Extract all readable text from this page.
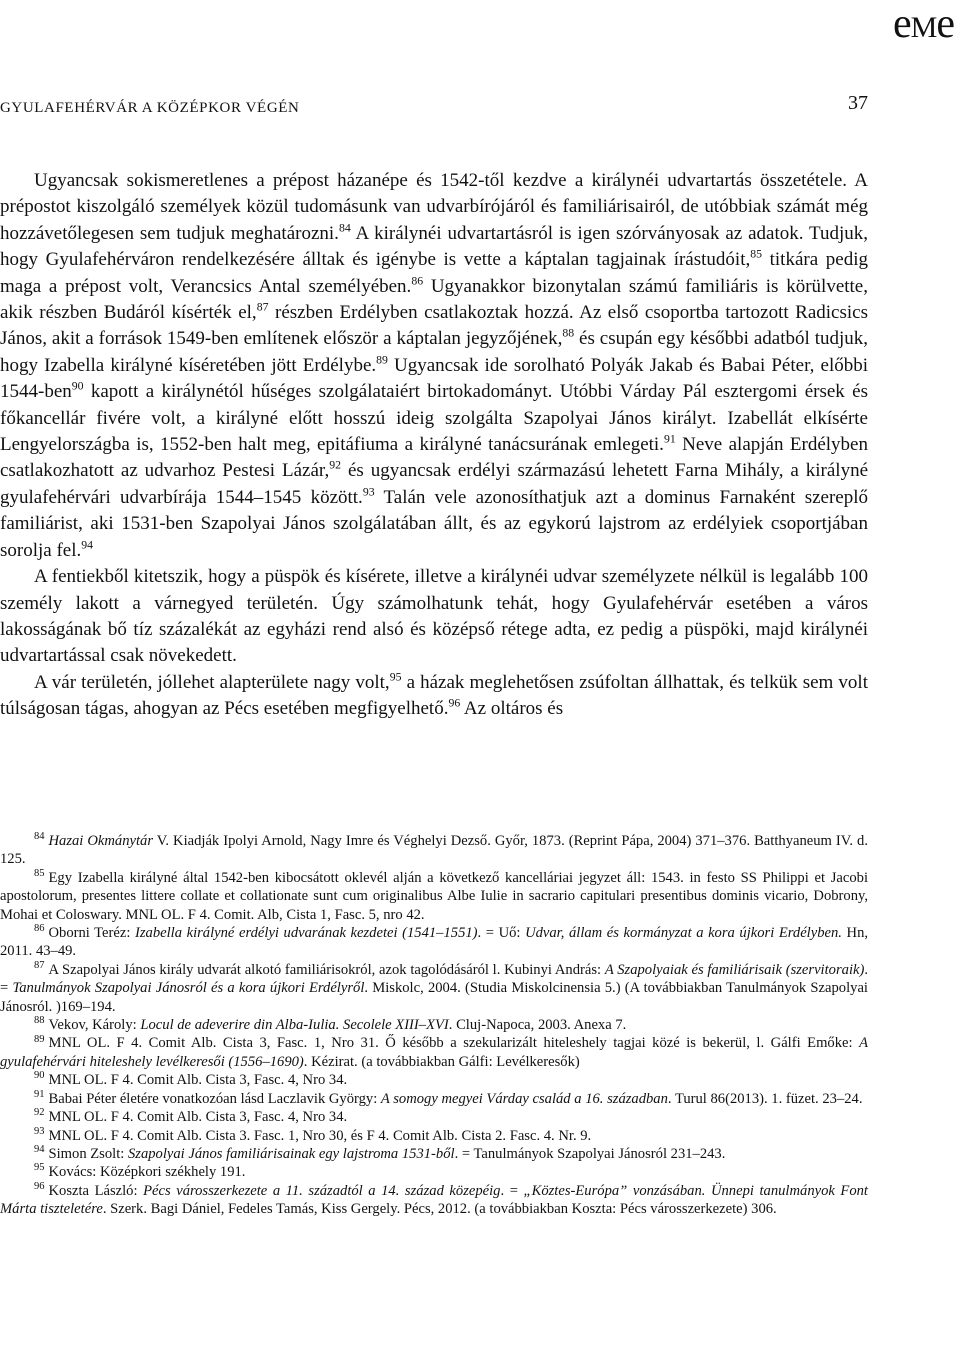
eMe
GYULAFEHÉRVÁR A KÖZÉPKOR VÉGÉN	37

Ugyancsak sokismeretlenes a prépost házanépe és 1542-től kezdve a királynéi udvartartás összetétele. A prépostot kiszolgáló személyek közül tudomásunk van udvarbírójáról és familiárisairól, de utóbbiak számát még hozzávetőlegesen sem tudjuk meghatározni.$^{84}$ A királynéi udvartartásról is igen szórványosak az adatok. Tudjuk, hogy Gyulafehérváron rendelkezésére álltak és igénybe is vette a káptalan tagjainak írástudóit,$^{85}$ titkára pedig maga a prépost volt, Verancsics Antal személyében.$^{86}$ Ugyanakkor bizonytalan számú familiáris is körülvette, akik részben Budáról kísérték el,$^{87}$ részben Erdélyben csatlakoztak hozzá. Az első csoportba tartozott Radicsics János, akit a források 1549-ben említenek először a káptalan jegyzőjének,$^{88}$ és csupán egy későbbi adatból tudjuk, hogy Izabella királyné kíséretében jött Erdélybe.$^{89}$ Ugyancsak ide sorolható Polyák Jakab és Babai Péter, előbbi 1544-ben$^{90}$ kapott a királynétól hűséges szolgálataiért birtokadományt. Utóbbi Várday Pál esztergomi érsek és főkancellár fivére volt, a királyné előtt hosszú ideig szolgálta Szapolyai János királyt. Izabellát elkísérte Lengyelországba is, 1552-ben halt meg, epitáfiuma a királyné tanácsurának emlegeti.$^{91}$ Neve alapján Erdélyben csatlakozhatott az udvarhoz Pestesi Lázár,$^{92}$ és ugyancsak erdélyi származású lehetett Farna Mihály, a királyné gyulafehérvári udvarbírája 1544–1545 között.$^{93}$ Talán vele azonosíthatjuk azt a dominus Farnaként szereplő familiárist, aki 1531-ben Szapolyai János szolgálatában állt, és az egykorú lajstrom az erdélyiek csoportjában sorolja fel.$^{94}$

A fentiekből kitetszik, hogy a püspök és kísérete, illetve a királynéi udvar személyzete nélkül is legalább 100 személy lakott a várnegyed területén. Úgy számolhatunk tehát, hogy Gyulafehérvár esetében a város lakosságának bő tíz százalékát az egyházi rend alsó és középső rétege adta, ez pedig a püspöki, majd királynéi udvartartással csak növekedett.

A vár területén, jóllehet alapterülete nagy volt,$^{95}$ a házak meglehetősen zsúfoltan állhattak, és telkük sem volt túlságosan tágas, ahogyan az Pécs esetében megfigyelhető.$^{96}$ Az oltáros és

$^{84}$ Hazai Okmánytár V. Kiadják Ipolyi Arnold, Nagy Imre és Véghelyi Dezső. Győr, 1873. (Reprint Pápa, 2004) 371–376. Batthyaneum IV. d. 125.

$^{85}$ Egy Izabella királyné által 1542-ben kibocsátott oklevél alján a következő kancelláriai jegyzet áll: 1543. in festo SS Philippi et Jacobi apostolorum, presentes littere collate et collationate sunt cum originalibus Albe Iulie in sacrario capitulari presentibus dominis vicario, Dobrony, Mohai et Coloswary. MNL OL. F 4. Comit. Alb, Cista 1, Fasc. 5, nro 42.

$^{86}$ Oborni Teréz: Izabella királyné erdélyi udvarának kezdetei (1541–1551). = Uő: Udvar, állam és kormányzat a kora újkori Erdélyben. Hn, 2011. 43–49.

$^{87}$ A Szapolyai János király udvarát alkotó familiárisokról, azok tagolódásáról l. Kubinyi András: A Szapolyaiak és familiárisaik (szervitoraik). = Tanulmányok Szapolyai Jánosról és a kora újkori Erdélyről. Miskolc, 2004. (Studia Miskolcinensia 5.) (A továbbiakban Tanulmányok Szapolyai Jánosról. )169–194.

$^{88}$ Vekov, Károly: Locul de adeverire din Alba-Iulia. Secolele XIII–XVI. Cluj-Napoca, 2003. Anexa 7.

$^{89}$ MNL OL. F 4. Comit Alb. Cista 3, Fasc. 1, Nro 31. Ő később a szekularizált hiteleshely tagjai közé is bekerül, l. Gálfi Emőke: A gyulafehérvári hiteleshely levélkeresői (1556–1690). Kézirat. (a továbbiakban Gálfi: Levélkeresők)

$^{90}$ MNL OL. F 4. Comit Alb. Cista 3, Fasc. 4, Nro 34.

$^{91}$ Babai Péter életére vonatkozóan lásd Laczlavik György: A somogy megyei Várday család a 16. században. Turul 86(2013). 1. füzet. 23–24.

$^{92}$ MNL OL. F 4. Comit Alb. Cista 3, Fasc. 4, Nro 34.

$^{93}$ MNL OL. F 4. Comit Alb. Cista 3. Fasc. 1, Nro 30, és F 4. Comit Alb. Cista 2. Fasc. 4. Nr. 9.

$^{94}$ Simon Zsolt: Szapolyai János familiárisainak egy lajstroma 1531-ből. = Tanulmányok Szapolyai Jánosról 231–243.

$^{95}$ Kovács: Középkori székhely 191.

$^{96}$ Koszta László: Pécs városszerkezete a 11. századtól a 14. század közepéig. = „Köztes-Európa” vonzásában. Ünnepi tanulmányok Font Márta tiszteletére. Szerk. Bagi Dániel, Fedeles Tamás, Kiss Gergely. Pécs, 2012. (a továbbiakban Koszta: Pécs városszerkezete) 306.
